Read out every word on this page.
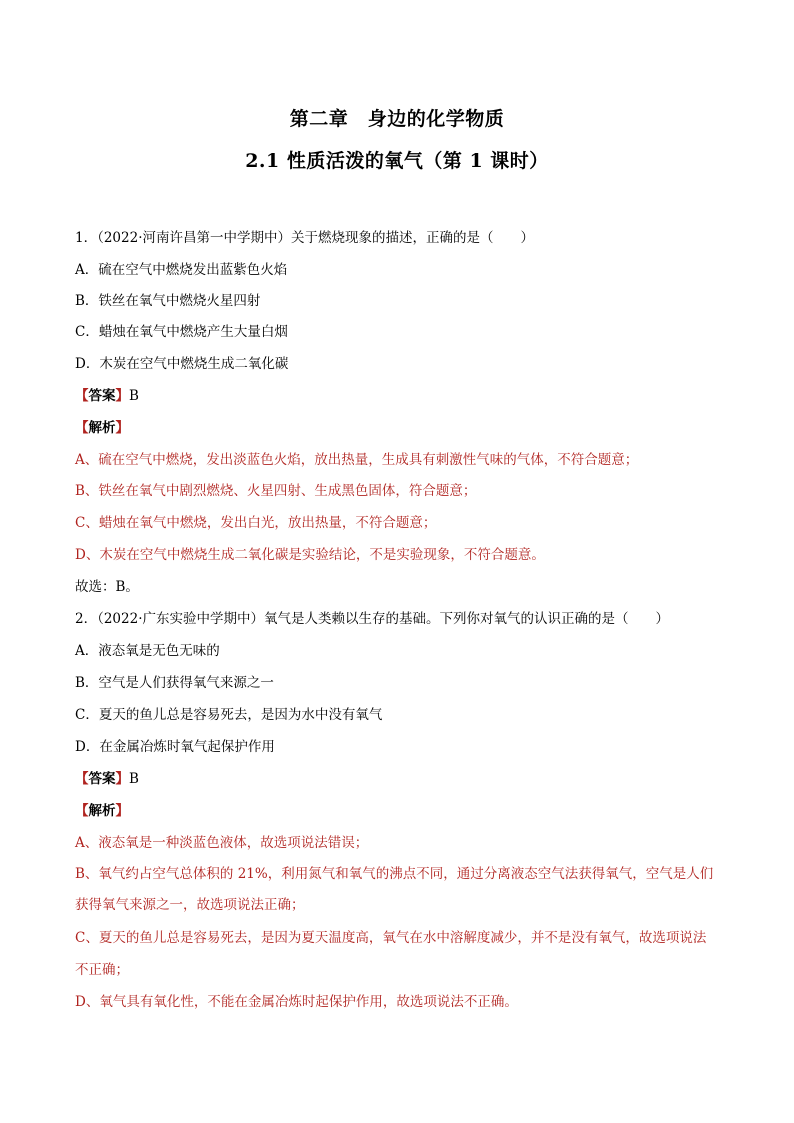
第二章　身边的化学物质
2.1 性质活泼的氧气（第 1 课时）
1．（2022·河南许昌第一中学期中）关于燃烧现象的描述，正确的是（　　）
A．硫在空气中燃烧发出蓝紫色火焰
B．铁丝在氧气中燃烧火星四射
C．蜡烛在氧气中燃烧产生大量白烟
D．木炭在空气中燃烧生成二氧化碳
【答案】B
【解析】
A、硫在空气中燃烧，发出淡蓝色火焰，放出热量，生成具有刺激性气味的气体，不符合题意；
B、铁丝在氧气中剧烈燃烧、火星四射、生成黑色固体，符合题意；
C、蜡烛在氧气中燃烧，发出白光，放出热量，不符合题意；
D、木炭在空气中燃烧生成二氧化碳是实验结论，不是实验现象，不符合题意。
故选：B。
2．（2022·广东实验中学期中）氧气是人类赖以生存的基础。下列你对氧气的认识正确的是（　　）
A．液态氧是无色无味的
B．空气是人们获得氧气来源之一
C．夏天的鱼儿总是容易死去，是因为水中没有氧气
D．在金属冶炼时氧气起保护作用
【答案】B
【解析】
A、液态氧是一种淡蓝色液体，故选项说法错误；
B、氧气约占空气总体积的 21%，利用氮气和氧气的沸点不同，通过分离液态空气法获得氧气，空气是人们
获得氧气来源之一，故选项说法正确；
C、夏天的鱼儿总是容易死去，是因为夏天温度高，氧气在水中溶解度减少，并不是没有氧气，故选项说法
不正确；
D、氧气具有氧化性，不能在金属冶炼时起保护作用，故选项说法不正确。
